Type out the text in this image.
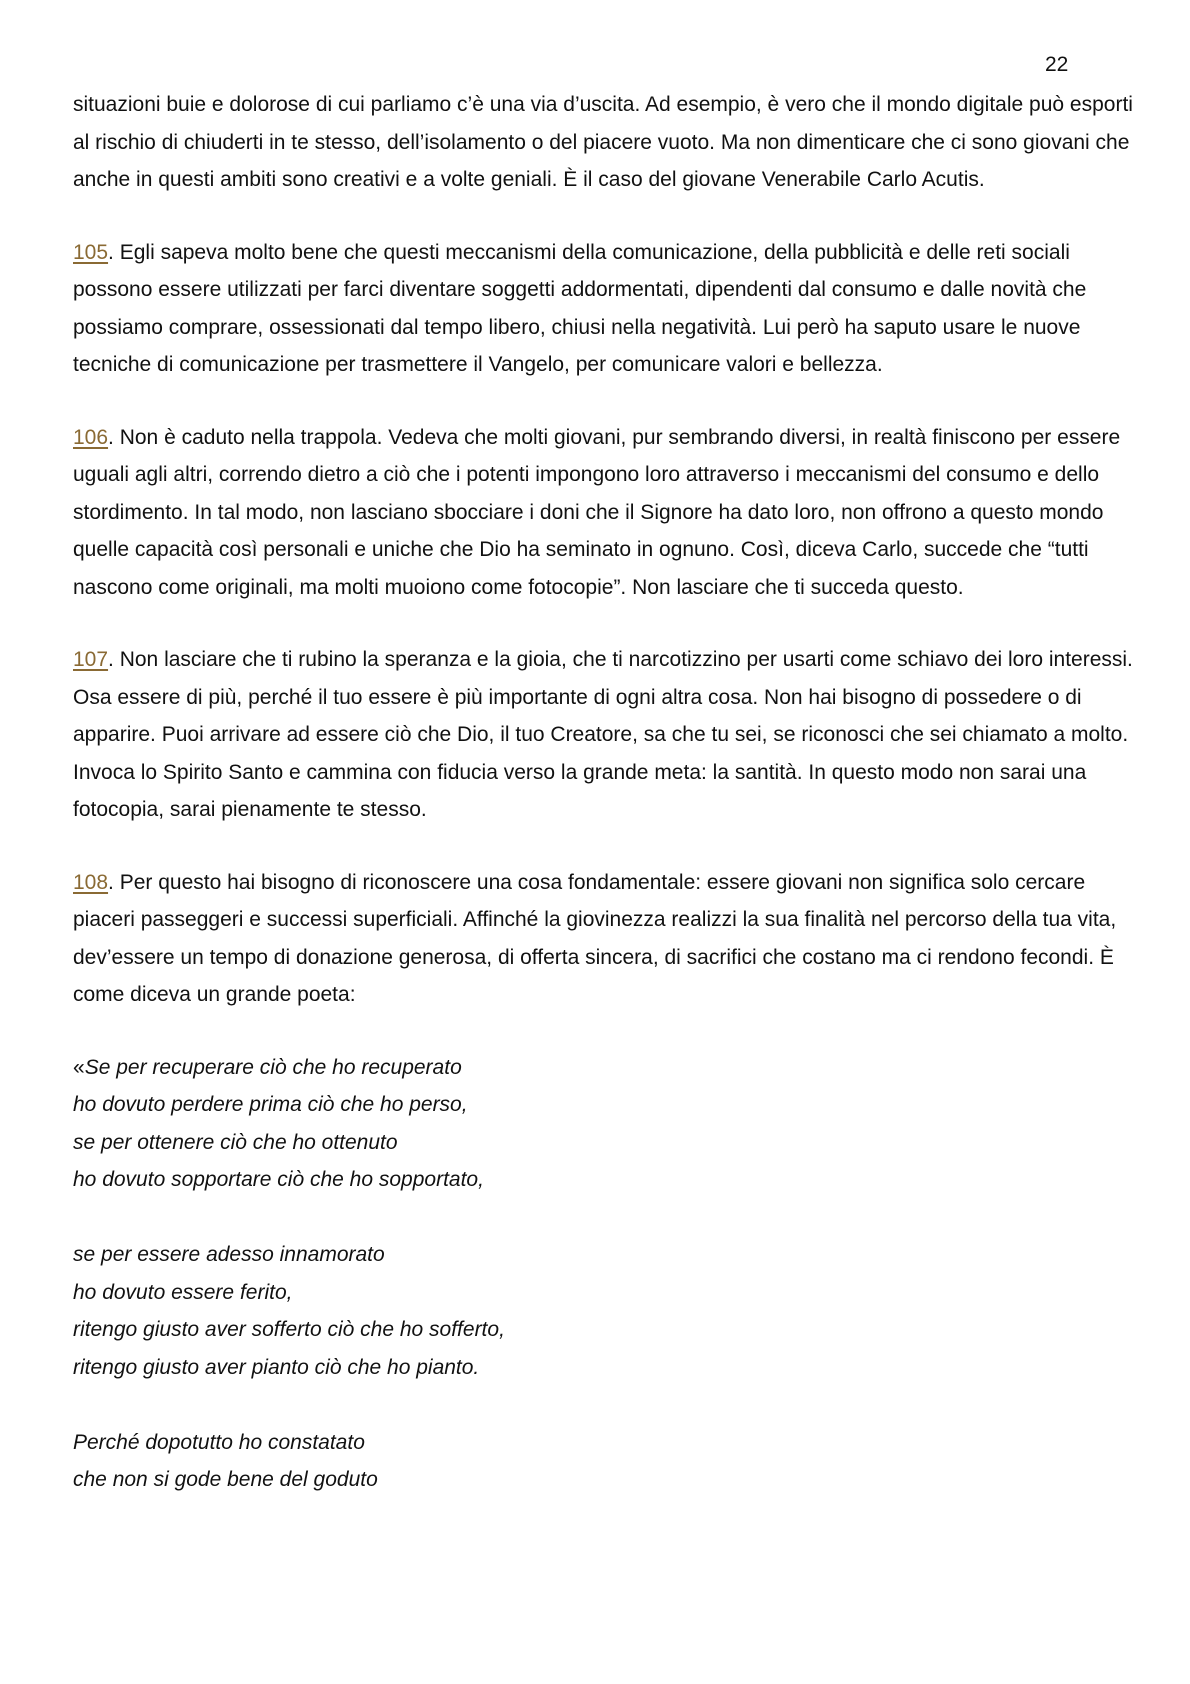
22

situazioni buie e dolorose di cui parliamo c’è una via d’uscita. Ad esempio, è vero che il mondo digitale può esporti al rischio di chiuderti in te stesso, dell’isolamento o del piacere vuoto. Ma non dimenticare che ci sono giovani che anche in questi ambiti sono creativi e a volte geniali. È il caso del giovane Venerabile Carlo Acutis.

105. Egli sapeva molto bene che questi meccanismi della comunicazione, della pubblicità e delle reti sociali possono essere utilizzati per farci diventare soggetti addormentati, dipendenti dal consumo e dalle novità che possiamo comprare, ossessionati dal tempo libero, chiusi nella negatività. Lui però ha saputo usare le nuove tecniche di comunicazione per trasmettere il Vangelo, per comunicare valori e bellezza.

106. Non è caduto nella trappola. Vedeva che molti giovani, pur sembrando diversi, in realtà finiscono per essere uguali agli altri, correndo dietro a ciò che i potenti impongono loro attraverso i meccanismi del consumo e dello stordimento. In tal modo, non lasciano sbocciare i doni che il Signore ha dato loro, non offrono a questo mondo quelle capacità così personali e uniche che Dio ha seminato in ognuno. Così, diceva Carlo, succede che “tutti nascono come originali, ma molti muoiono come fotocopie”. Non lasciare che ti succeda questo.

107. Non lasciare che ti rubino la speranza e la gioia, che ti narcotizzino per usarti come schiavo dei loro interessi. Osa essere di più, perché il tuo essere è più importante di ogni altra cosa. Non hai bisogno di possedere o di apparire. Puoi arrivare ad essere ciò che Dio, il tuo Creatore, sa che tu sei, se riconosci che sei chiamato a molto. Invoca lo Spirito Santo e cammina con fiducia verso la grande meta: la santità. In questo modo non sarai una fotocopia, sarai pienamente te stesso.

108. Per questo hai bisogno di riconoscere una cosa fondamentale: essere giovani non significa solo cercare piaceri passeggeri e successi superficiali. Affinché la giovinezza realizzi la sua finalità nel percorso della tua vita, dev’essere un tempo di donazione generosa, di offerta sincera, di sacrifici che costano ma ci rendono fecondi. È come diceva un grande poeta:

«Se per recuperare ciò che ho recuperato
ho dovuto perdere prima ciò che ho perso,
se per ottenere ciò che ho ottenuto
ho dovuto sopportare ciò che ho sopportato,
se per essere adesso innamorato
ho dovuto essere ferito,
ritengo giusto aver sofferto ciò che ho sofferto,
ritengo giusto aver pianto ciò che ho pianto.
Perché dopotutto ho constatato
che non si gode bene del goduto
